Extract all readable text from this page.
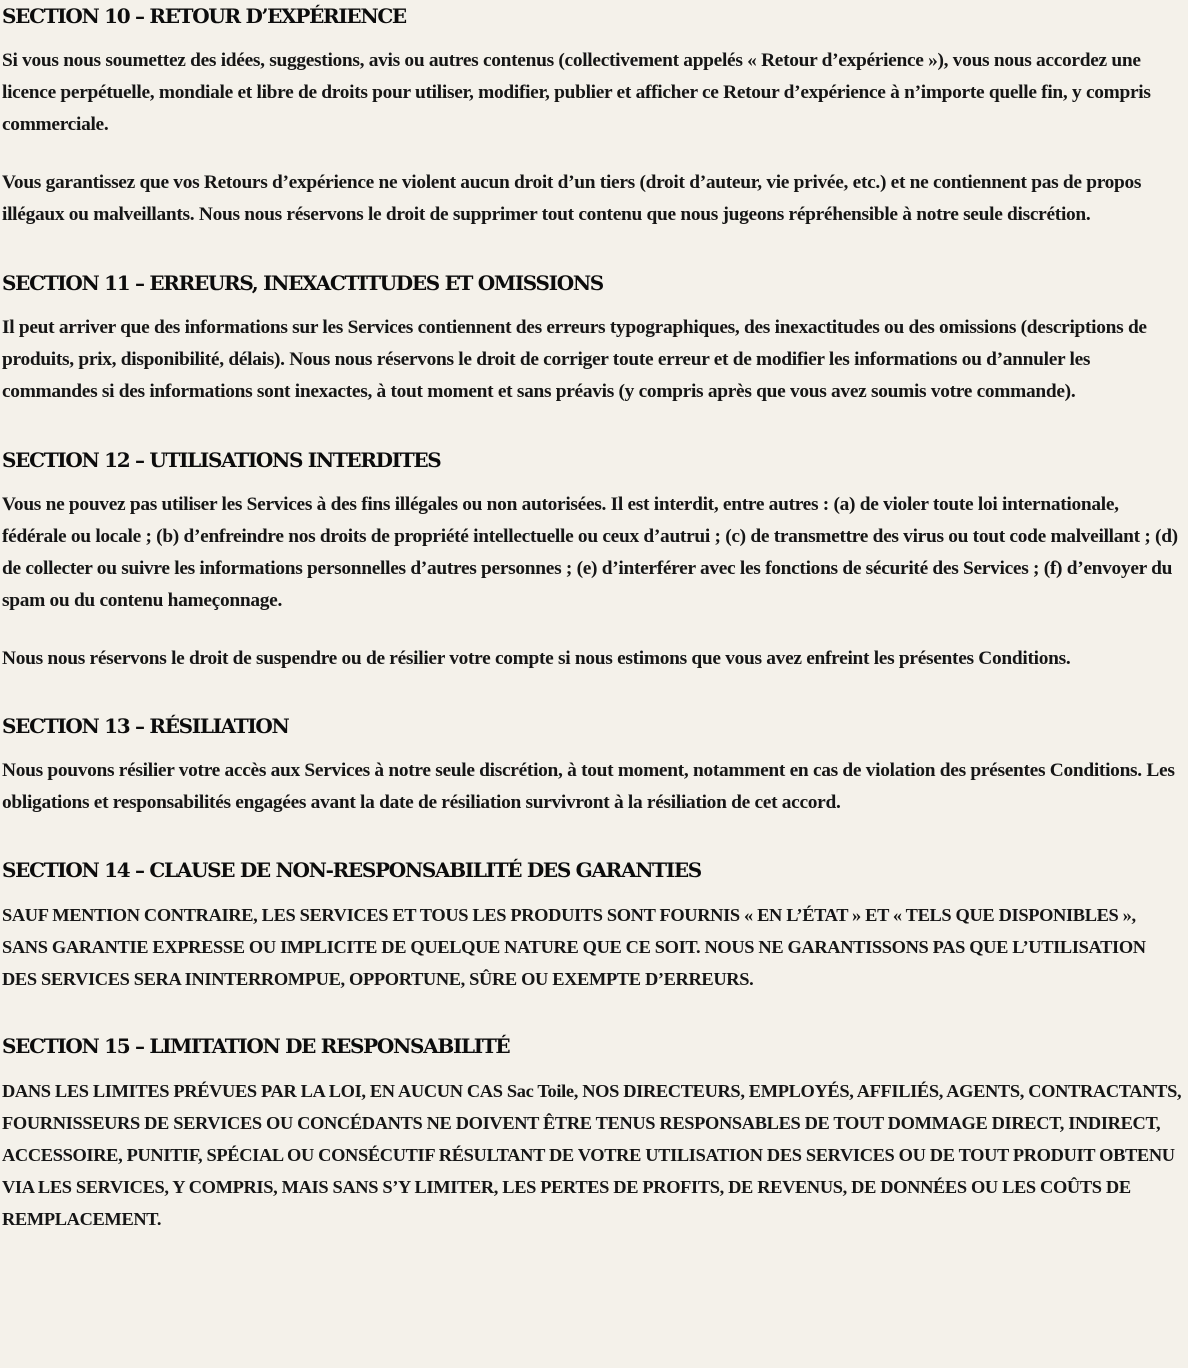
SECTION 10 – RETOUR D’EXPÉRIENCE

Si vous nous soumettez des idées, suggestions, avis ou autres contenus (collectivement appelés « Retour d’expérience »), vous nous accordez une licence perpétuelle, mondiale et libre de droits pour utiliser, modifier, publier et afficher ce Retour d’expérience à n’importe quelle fin, y compris commerciale.

Vous garantissez que vos Retours d’expérience ne violent aucun droit d’un tiers (droit d’auteur, vie privée, etc.) et ne contiennent pas de propos illégaux ou malveillants. Nous nous réservons le droit de supprimer tout contenu que nous jugeons répréhensible à notre seule discrétion.

SECTION 11 – ERREURS, INEXACTITUDES ET OMISSIONS

Il peut arriver que des informations sur les Services contiennent des erreurs typographiques, des inexactitudes ou des omissions (descriptions de produits, prix, disponibilité, délais). Nous nous réservons le droit de corriger toute erreur et de modifier les informations ou d’annuler les commandes si des informations sont inexactes, à tout moment et sans préavis (y compris après que vous avez soumis votre commande).

SECTION 12 – UTILISATIONS INTERDITES

Vous ne pouvez pas utiliser les Services à des fins illégales ou non autorisées. Il est interdit, entre autres : (a) de violer toute loi internationale, fédérale ou locale ; (b) d’enfreindre nos droits de propriété intellectuelle ou ceux d’autrui ; (c) de transmettre des virus ou tout code malveillant ; (d) de collecter ou suivre les informations personnelles d’autres personnes ; (e) d’interférer avec les fonctions de sécurité des Services ; (f) d’envoyer du spam ou du contenu hameçonnage.

Nous nous réservons le droit de suspendre ou de résilier votre compte si nous estimons que vous avez enfreint les présentes Conditions.

SECTION 13 – RÉSILIATION

Nous pouvons résilier votre accès aux Services à notre seule discrétion, à tout moment, notamment en cas de violation des présentes Conditions. Les obligations et responsabilités engagées avant la date de résiliation survivront à la résiliation de cet accord.

SECTION 14 – CLAUSE DE NON-RESPONSABILITÉ DES GARANTIES

SAUF MENTION CONTRAIRE, LES SERVICES ET TOUS LES PRODUITS SONT FOURNIS « EN L’ÉTAT » ET « TELS QUE DISPONIBLES », SANS GARANTIE EXPRESSE OU IMPLICITE DE QUELQUE NATURE QUE CE SOIT. NOUS NE GARANTISSONS PAS QUE L’UTILISATION DES SERVICES SERA ININTERROMPUE, OPPORTUNE, SÛRE OU EXEMPTE D’ERREURS.

SECTION 15 – LIMITATION DE RESPONSABILITÉ

DANS LES LIMITES PRÉVUES PAR LA LOI, EN AUCUN CAS Sac Toile, NOS DIRECTEURS, EMPLOYÉS, AFFILIÉS, AGENTS, CONTRACTANTS, FOURNISSEURS DE SERVICES OU CONCÉDANTS NE DOIVENT ÊTRE TENUS RESPONSABLES DE TOUT DOMMAGE DIRECT, INDIRECT, ACCESSOIRE, PUNITIF, SPÉCIAL OU CONSÉCUTIF RÉSULTANT DE VOTRE UTILISATION DES SERVICES OU DE TOUT PRODUIT OBTENU VIA LES SERVICES, Y COMPRIS, MAIS SANS S’Y LIMITER, LES PERTES DE PROFITS, DE REVENUS, DE DONNÉES OU LES COÛTS DE REMPLACEMENT.
